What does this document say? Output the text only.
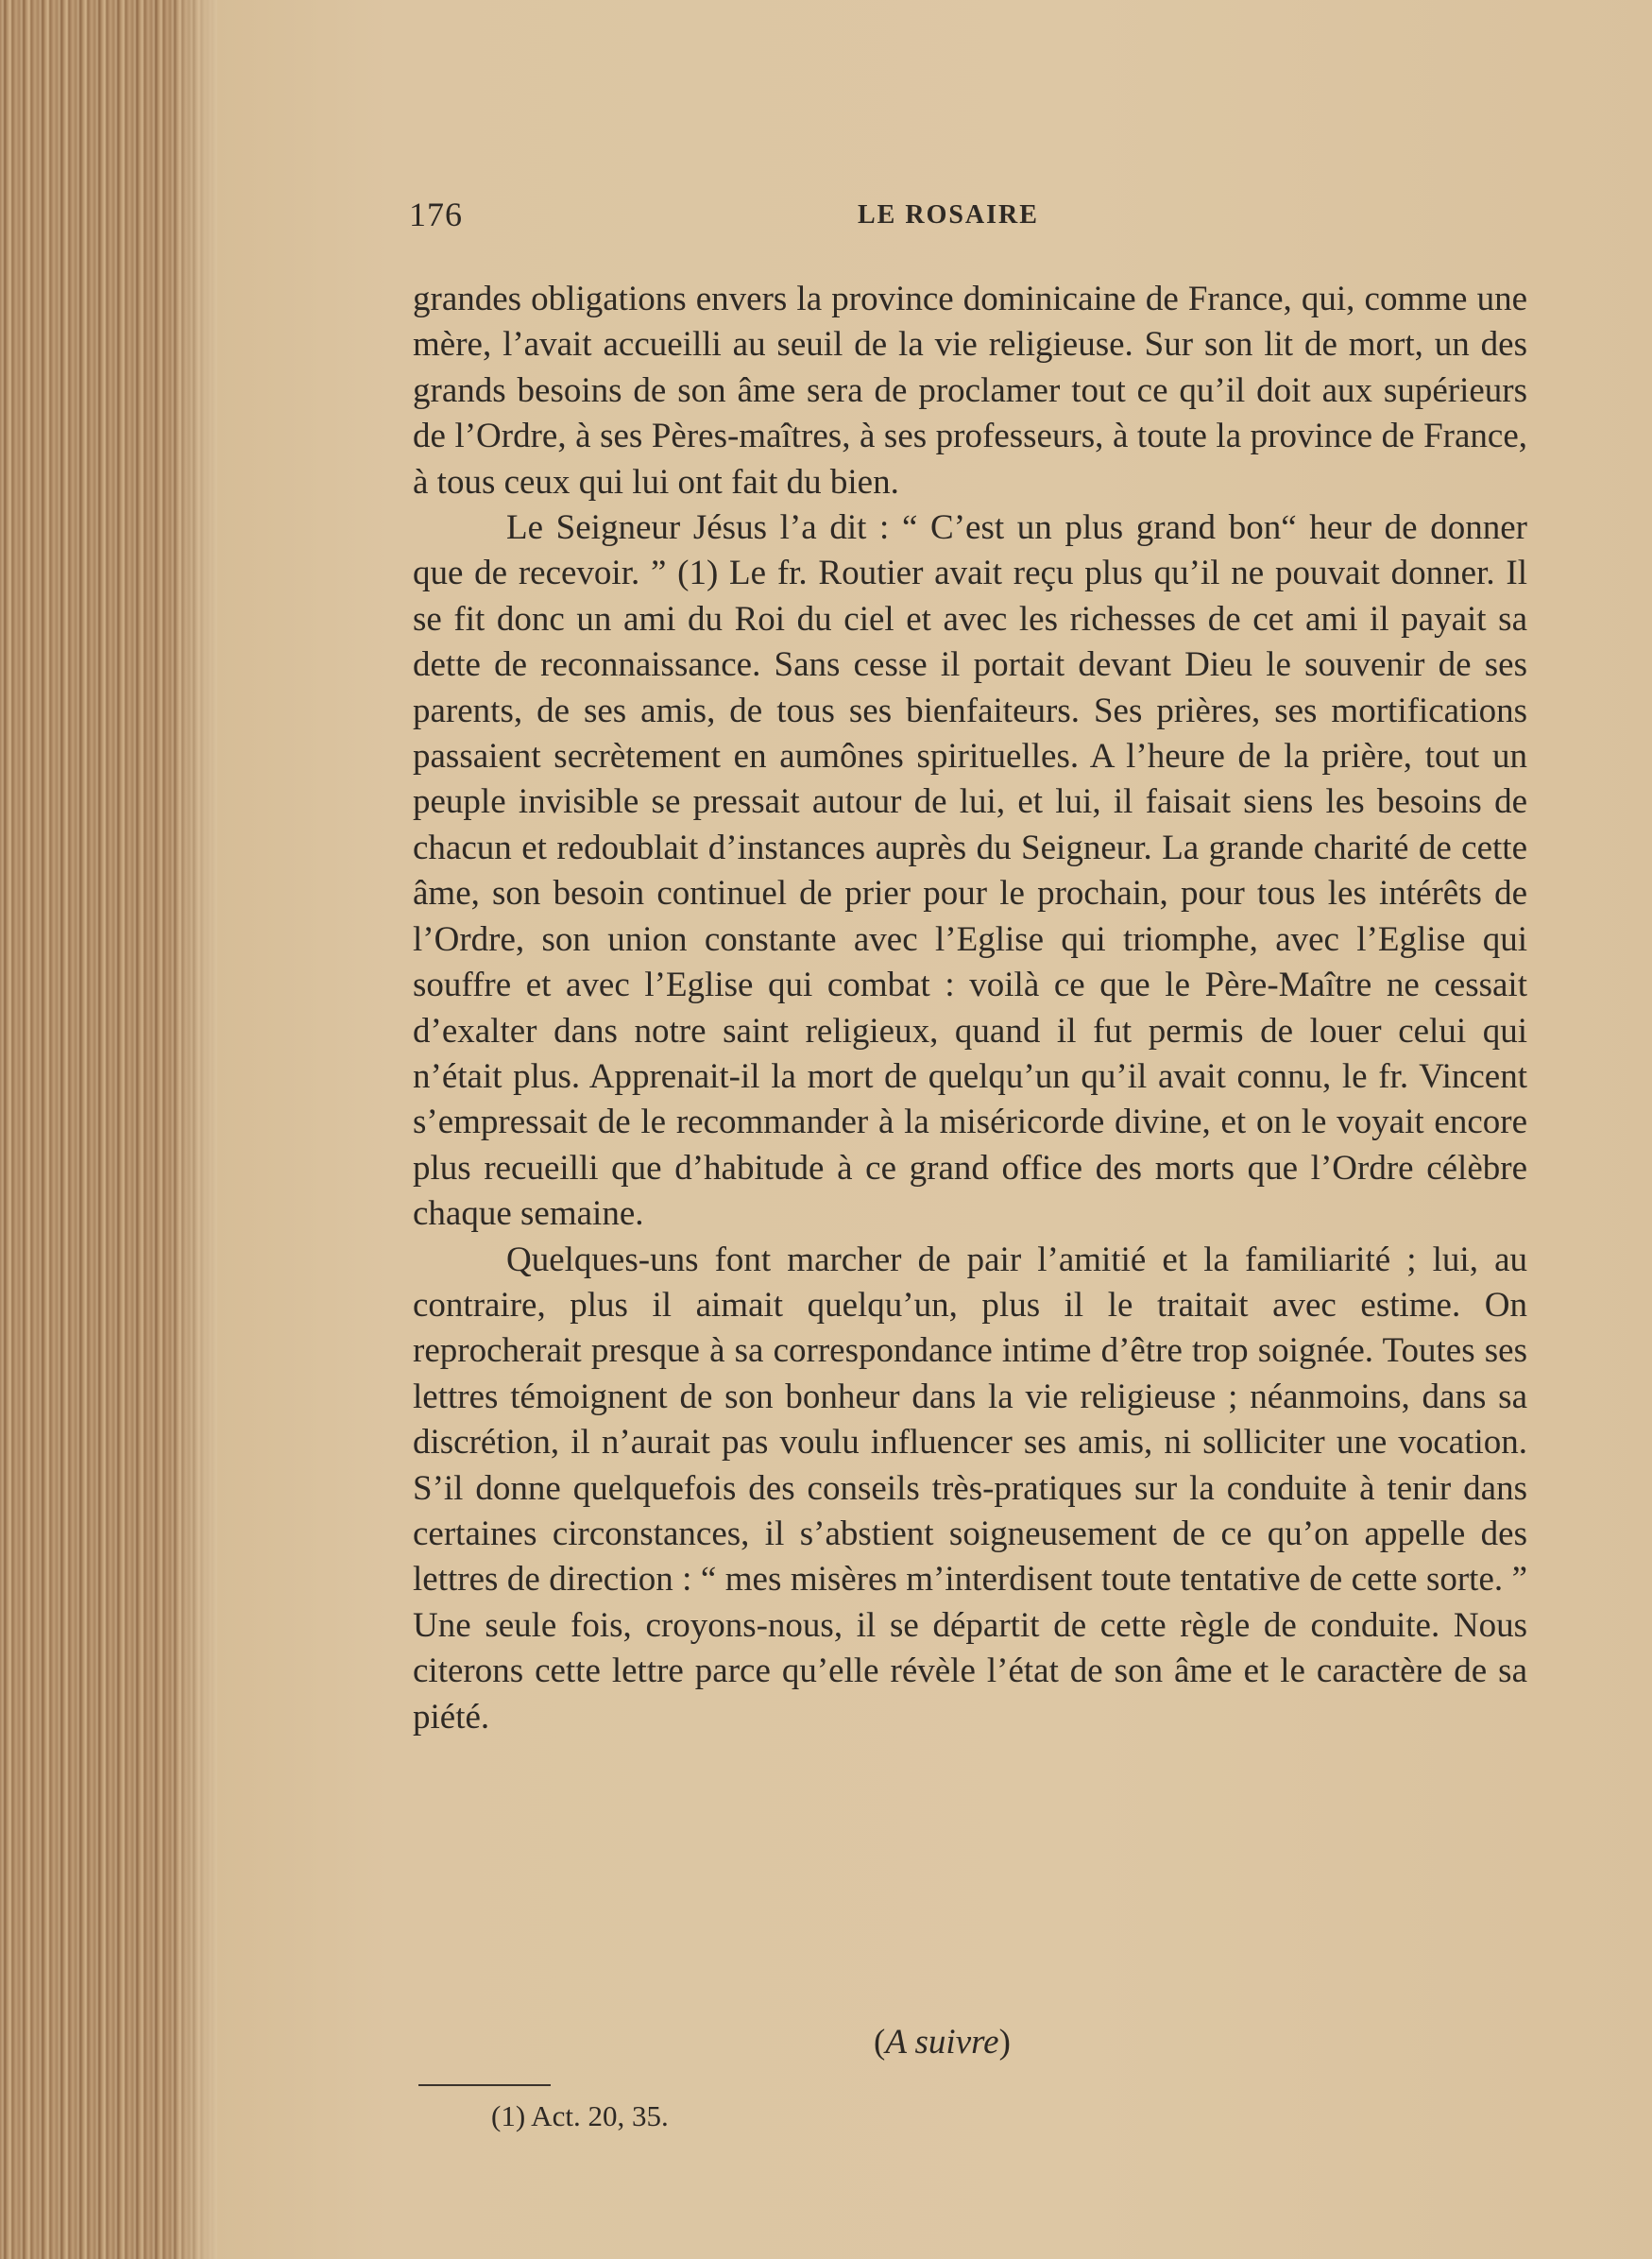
176	LE ROSAIRE

grandes obligations envers la province dominicaine de France, qui, comme une mère, l’avait accueilli au seuil de la vie religieuse. Sur son lit de mort, un des grands besoins de son âme sera de proclamer tout ce qu’il doit aux supérieurs de l’Ordre, à ses Pères-maîtres, à ses professeurs, à toute la province de France, à tous ceux qui lui ont fait du bien.

Le Seigneur Jésus l’a dit : “ C’est un plus grand bon“ heur de donner que de recevoir. ” (1) Le fr. Routier avait reçu plus qu’il ne pouvait donner. Il se fit donc un ami du Roi du ciel et avec les richesses de cet ami il payait sa dette de reconnaissance. Sans cesse il portait devant Dieu le souvenir de ses parents, de ses amis, de tous ses bienfaiteurs. Ses prières, ses mortifications passaient secrètement en aumônes spirituelles. A l’heure de la prière, tout un peuple invisible se pressait autour de lui, et lui, il faisait siens les besoins de chacun et redoublait d’instances auprès du Seigneur. La grande charité de cette âme, son besoin continuel de prier pour le prochain, pour tous les intérêts de l’Ordre, son union constante avec l’Eglise qui triomphe, avec l’Eglise qui souffre et avec l’Eglise qui combat : voilà ce que le Père-Maître ne cessait d’exalter dans notre saint religieux, quand il fut permis de louer celui qui n’était plus. Apprenait-il la mort de quelqu’un qu’il avait connu, le fr. Vincent s’empressait de le recommander à la miséricorde divine, et on le voyait encore plus recueilli que d’habitude à ce grand office des morts que l’Ordre célèbre chaque semaine.

Quelques-uns font marcher de pair l’amitié et la familiarité ; lui, au contraire, plus il aimait quelqu’un, plus il le traitait avec estime. On reprocherait presque à sa correspondance intime d’être trop soignée. Toutes ses lettres témoignent de son bonheur dans la vie religieuse ; néanmoins, dans sa discrétion, il n’aurait pas voulu influencer ses amis, ni solliciter une vocation. S’il donne quelquefois des conseils très-pratiques sur la conduite à tenir dans certaines circonstances, il s’abstient soigneusement de ce qu’on appelle des lettres de direction : “ mes misères m’interdisent toute tentative de cette sorte. ” Une seule fois, croyons-nous, il se départit de cette règle de conduite. Nous citerons cette lettre parce qu’elle révèle l’état de son âme et le caractère de sa piété.

(A suivre)
(1) Act. 20, 35.
